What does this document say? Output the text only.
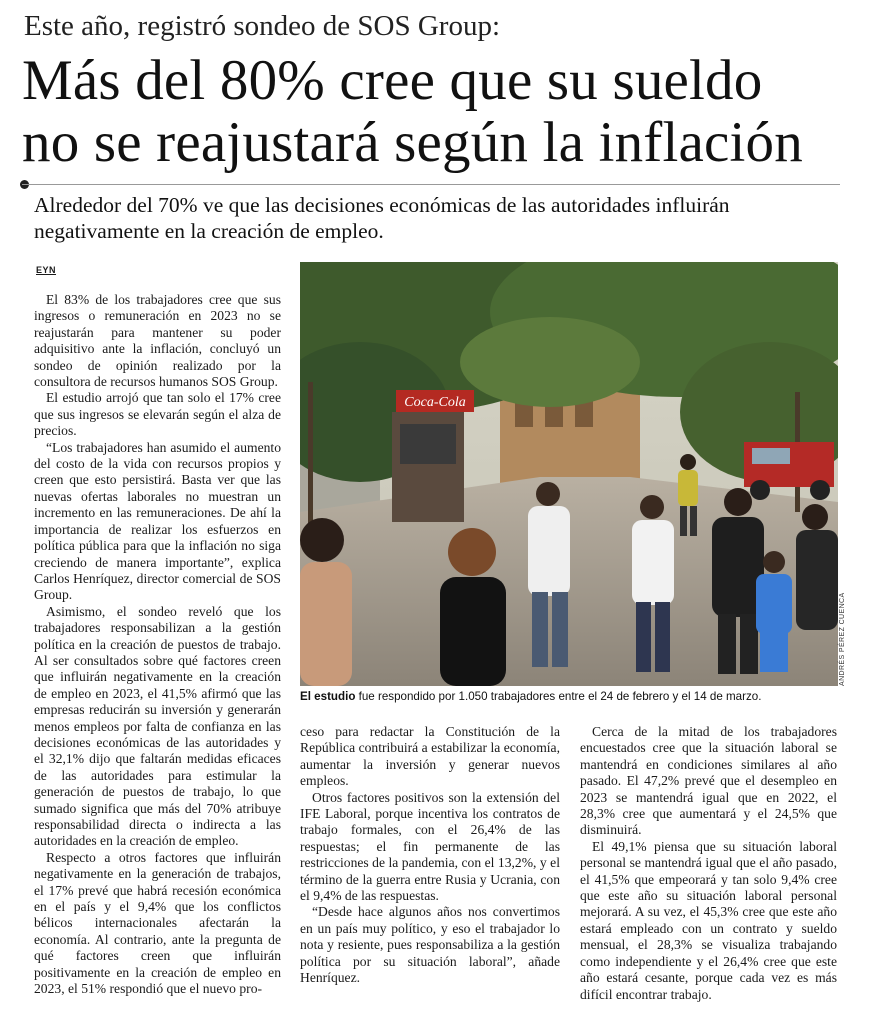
Este año, registró sondeo de SOS Group:
Más del 80% cree que su sueldo
no se reajustará según la inflación
Alrededor del 70% ve que las decisiones económicas de las autoridades influirán negativamente en la creación de empleo.
EYN

El 83% de los trabajadores cree que sus ingresos o remuneración en 2023 no se reajustarán para mantener su poder adquisitivo ante la inflación, concluyó un sondeo de opinión realizado por la consultora de recursos humanos SOS Group.

El estudio arrojó que tan solo el 17% cree que sus ingresos se elevarán según el alza de precios.

“Los trabajadores han asumido el aumento del costo de la vida con recursos propios y creen que esto persistirá. Basta ver que las nuevas ofertas laborales no muestran un incremento en las remuneraciones. De ahí la importancia de realizar los esfuerzos en política pública para que la inflación no siga creciendo de manera importante”, explica Carlos Henríquez, director comercial de SOS Group.

Asimismo, el sondeo reveló que los trabajadores responsabilizan a la gestión política en la creación de puestos de trabajo. Al ser consultados sobre qué factores creen que influirán negativamente en la creación de empleo en 2023, el 41,5% afirmó que las empresas reducirán su inversión y generarán menos empleos por falta de confianza en las decisiones económicas de las autoridades y el 32,1% dijo que faltarán medidas eficaces de las autoridades para estimular la generación de puestos de trabajo, lo que sumado significa que más del 70% atribuye responsabilidad directa o indirecta a las autoridades en la creación de empleo.

Respecto a otros factores que influirán negativamente en la generación de trabajos, el 17% prevé que habrá recesión económica en el país y el 9,4% que los conflictos bélicos internacionales afectarán la economía. Al contrario, ante la pregunta de qué factores creen que influirán positivamente en la creación de empleo en 2023, el 51% respondió que el nuevo pro-

Coca-Cola
ANDRÉS PÉREZ CUENCA
El estudio fue respondido por 1.050 trabajadores entre el 24 de febrero y el 14 de marzo.

ceso para redactar la Constitución de la República contribuirá a estabilizar la economía, aumentar la inversión y generar nuevos empleos.

Otros factores positivos son la extensión del IFE Laboral, porque incentiva los contratos de trabajo formales, con el 26,4% de las respuestas; el fin permanente de las restricciones de la pandemia, con el 13,2%, y el término de la guerra entre Rusia y Ucrania, con el 9,4% de las respuestas.

“Desde hace algunos años nos convertimos en un país muy político, y eso el trabajador lo nota y resiente, pues responsabiliza a la gestión política por su situación laboral”, añade Henríquez.

Cerca de la mitad de los trabajadores encuestados cree que la situación laboral se mantendrá en condiciones similares al año pasado. El 47,2% prevé que el desempleo en 2023 se mantendrá igual que en 2022, el 28,3% cree que aumentará y el 24,5% que disminuirá.

El 49,1% piensa que su situación laboral personal se mantendrá igual que el año pasado, el 41,5% que empeorará y tan solo 9,4% cree que este año su situación laboral personal mejorará. A su vez, el 45,3% cree que este año estará empleado con un contrato y sueldo mensual, el 28,3% se visualiza trabajando como independiente y el 26,4% cree que este año estará cesante, porque cada vez es más difícil encontrar trabajo.
